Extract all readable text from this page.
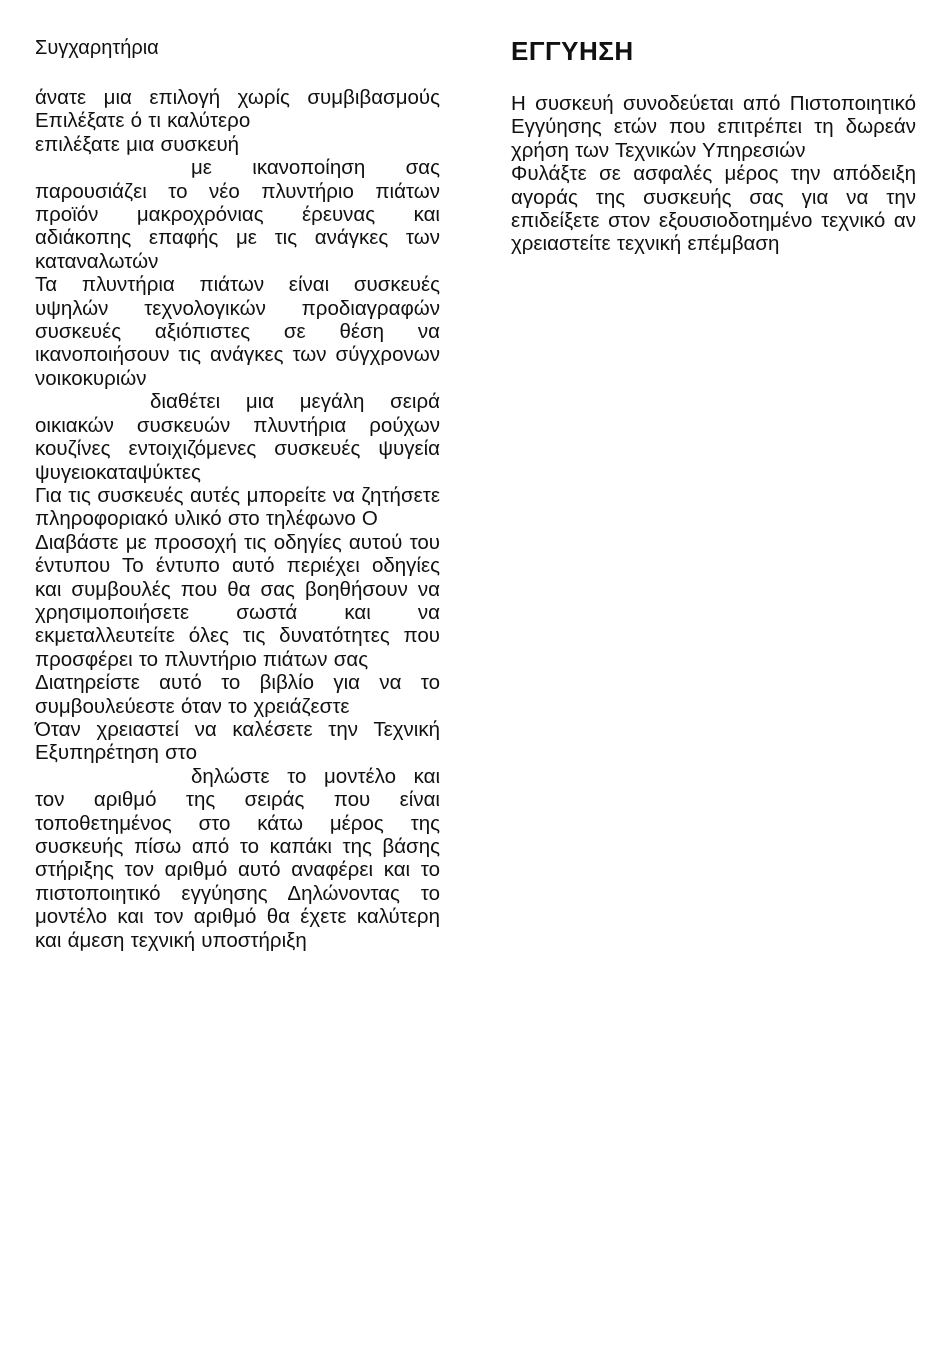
Συγχαρητήρια

άνατε μια επιλογή χωρίς συμβιβασμούς Επιλέξατε ό τι καλύτερο

επιλέξατε μια συσκευή

με ικανοποίηση σας παρουσιάζει το νέο πλυντήριο πιάτων προϊόν μακροχρόνιας έρευνας και αδιάκοπης επαφής με τις ανάγκες των καταναλωτών

Τα πλυντήρια πιάτων είναι συσκευές υψηλών τεχνολογικών προδιαγραφών συσκευές αξιόπιστες σε θέση να ικανοποιήσουν τις ανάγκες των σύγχρονων νοικοκυριών

διαθέτει μια μεγάλη σειρά οικιακών συσκευών πλυντήρια ρούχων κουζίνες εντοιχιζόμενες συσκευές ψυγεία ψυγειοκαταψύκτες

Για τις συσκευές αυτές μπορείτε να ζητήσετε πληροφοριακό υλικό στο τηλέφωνο Ο

Διαβάστε με προσοχή τις οδηγίες αυτού του έντυπου Το έντυπο αυτό περιέχει οδηγίες και συμβουλές που θα σας βοηθήσουν να χρησιμοποιήσετε σωστά και να εκμεταλλευτείτε όλες τις δυνατότητες που προσφέρει το πλυντήριο πιάτων σας

Διατηρείστε αυτό το βιβλίο για να το συμβουλεύεστε όταν το χρειάζεστε

Όταν χρειαστεί να καλέσετε την Τεχνική Εξυπηρέτηση στο

δηλώστε το μοντέλο και τον αριθμό της σειράς που είναι τοποθετημένος στο κάτω μέρος της συσκευής πίσω από το καπάκι της βάσης στήριξης τον αριθμό αυτό αναφέρει και το πιστοποιητικό εγγύησης Δηλώνοντας το μοντέλο και τον αριθμό θα έχετε καλύτερη και άμεση τεχνική υποστήριξη

ΕΓΓΥΗΣΗ

Η συσκευή συνοδεύεται από Πιστοποιητικό Εγγύησης ετών που επιτρέπει τη δωρεάν χρήση των Τεχνικών Υπηρεσιών

Φυλάξτε σε ασφαλές μέρος την απόδειξη αγοράς της συσκευής σας για να την επιδείξετε στον εξουσιοδοτημένο τεχνικό αν χρειαστείτε τεχνική επέμβαση
